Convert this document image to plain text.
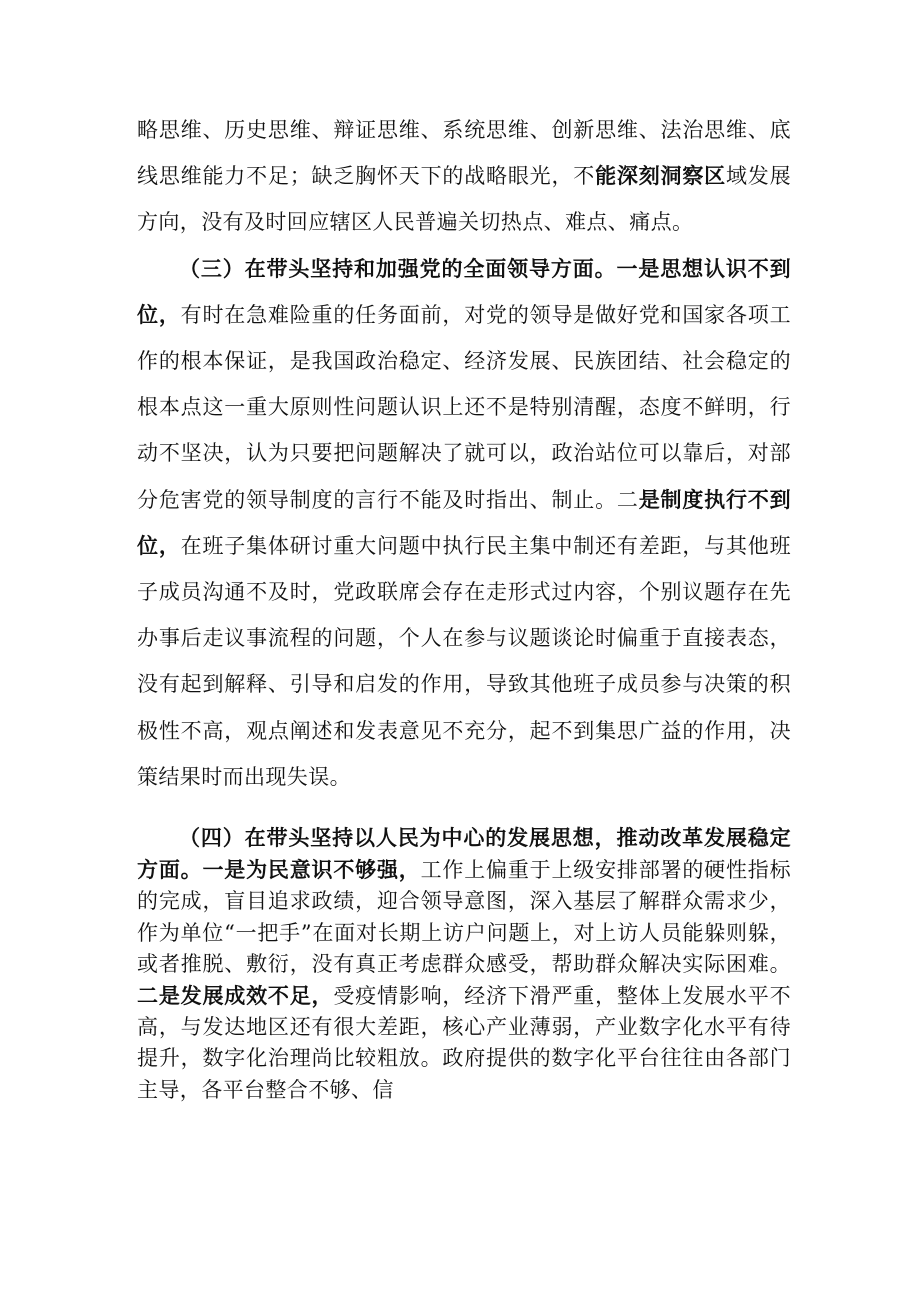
略思维、历史思维、辩证思维、系统思维、创新思维、法治思维、底线思维能力不足；缺乏胸怀天下的战略眼光，不能深刻洞察区域发展方向，没有及时回应辖区人民普遍关切热点、难点、痛点。

（三）在带头坚持和加强党的全面领导方面。一是思想认识不到位，有时在急难险重的任务面前，对党的领导是做好党和国家各项工作的根本保证，是我国政治稳定、经济发展、民族团结、社会稳定的根本点这一重大原则性问题认识上还不是特别清醒，态度不鲜明，行动不坚决，认为只要把问题解决了就可以，政治站位可以靠后，对部分危害党的领导制度的言行不能及时指出、制止。二是制度执行不到位，在班子集体研讨重大问题中执行民主集中制还有差距，与其他班子成员沟通不及时，党政联席会存在走形式过内容，个别议题存在先办事后走议事流程的问题，个人在参与议题谈论时偏重于直接表态，没有起到解释、引导和启发的作用，导致其他班子成员参与决策的积极性不高，观点阐述和发表意见不充分，起不到集思广益的作用，决策结果时而出现失误。

（四）在带头坚持以人民为中心的发展思想，推动改革发展稳定方面。一是为民意识不够强，工作上偏重于上级安排部署的硬性指标的完成，盲目追求政绩，迎合领导意图，深入基层了解群众需求少，作为单位“一把手”在面对长期上访户问题上，对上访人员能躲则躲，或者推脱、敷衍，没有真正考虑群众感受，帮助群众解决实际困难。二是发展成效不足，受疫情影响，经济下滑严重，整体上发展水平不高，与发达地区还有很大差距，核心产业薄弱，产业数字化水平有待提升，数字化治理尚比较粗放。政府提供的数字化平台往往由各部门主导，各平台整合不够、信
